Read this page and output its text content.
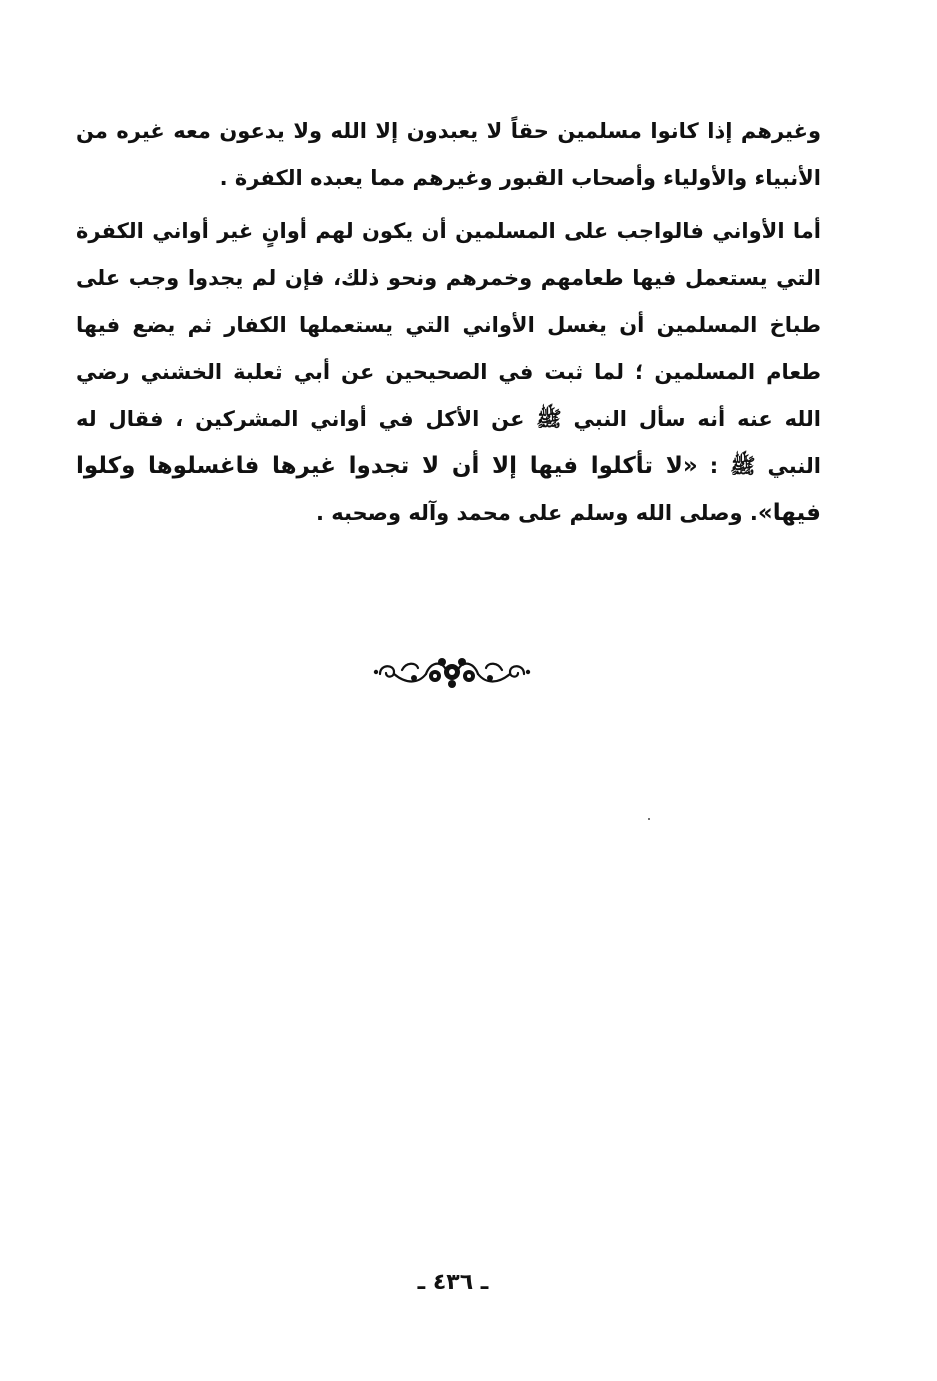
وغيرهم إذا كانوا مسلمين حقاً لا يعبدون إلا الله ولا يدعون معه غيره من الأنبياء والأولياء وأصحاب القبور وغيرهم مما يعبده الكفرة .
أما الأواني فالواجب على المسلمين أن يكون لهم أوانٍ غير أواني الكفرة التي يستعمل فيها طعامهم وخمرهم ونحو ذلك، فإن لم يجدوا وجب على طباخ المسلمين أن يغسل الأواني التي يستعملها الكفار ثم يضع فيها طعام المسلمين ؛ لما ثبت في الصحيحين عن أبي ثعلبة الخشني رضي الله عنه أنه سأل النبي ﷺ عن الأكل في أواني المشركين ، فقال له النبي ﷺ : «لا تأكلوا فيها إلا أن لا تجدوا غيرها فاغسلوها وكلوا فيها». وصلى الله وسلم على محمد وآله وصحبه .
ـ ٤٣٦ ـ
